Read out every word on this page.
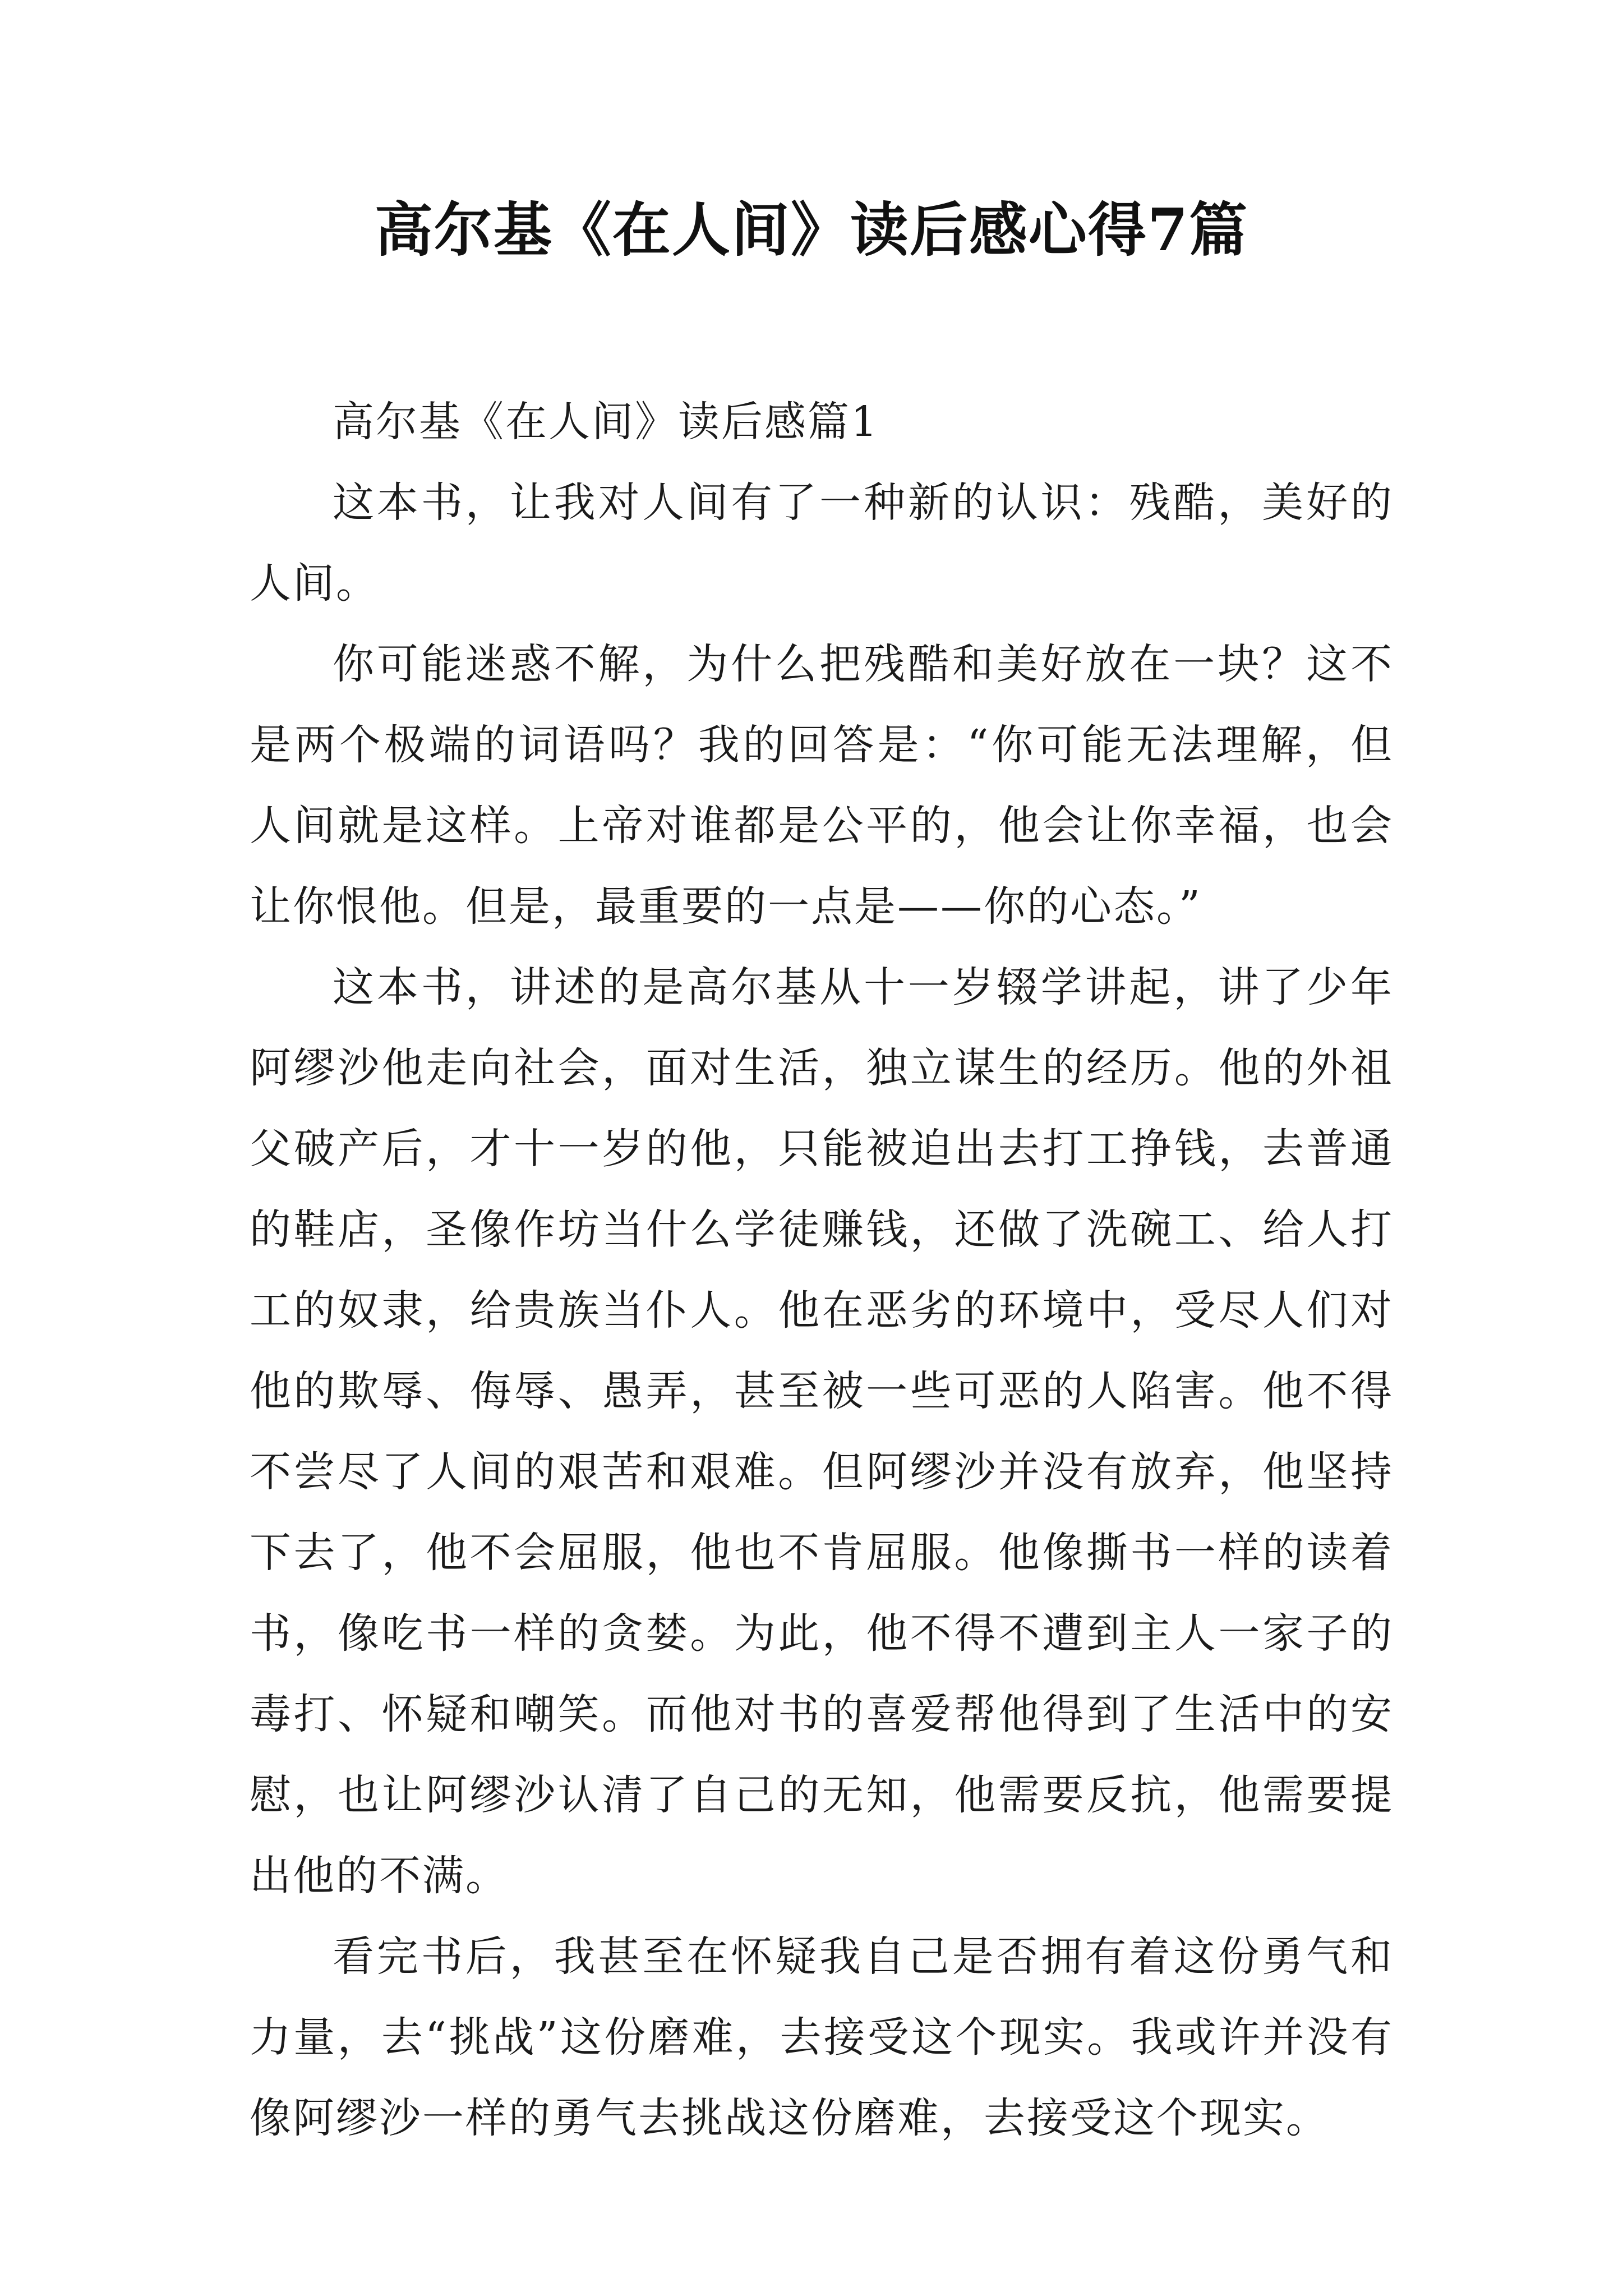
高尔基《在人间》读后感心得7篇

高尔基《在人间》读后感篇1

这本书，让我对人间有了一种新的认识：残酷，美好的人间。

你可能迷惑不解，为什么把残酷和美好放在一块？这不是两个极端的词语吗？我的回答是：“你可能无法理解，但人间就是这样。上帝对谁都是公平的，他会让你幸福，也会让你恨他。但是，最重要的一点是——你的心态。”

这本书，讲述的是高尔基从十一岁辍学讲起，讲了少年阿缪沙他走向社会，面对生活，独立谋生的经历。他的外祖父破产后，才十一岁的他，只能被迫出去打工挣钱，去普通的鞋店，圣像作坊当什么学徒赚钱，还做了洗碗工、给人打工的奴隶，给贵族当仆人。他在恶劣的环境中，受尽人们对他的欺辱、侮辱、愚弄，甚至被一些可恶的人陷害。他不得不尝尽了人间的艰苦和艰难。但阿缪沙并没有放弃，他坚持下去了，他不会屈服，他也不肯屈服。他像撕书一样的读着书，像吃书一样的贪婪。为此，他不得不遭到主人一家子的毒打、怀疑和嘲笑。而他对书的喜爱帮他得到了生活中的安慰，也让阿缪沙认清了自己的无知，他需要反抗，他需要提出他的不满。

看完书后，我甚至在怀疑我自己是否拥有着这份勇气和力量，去“挑战”这份磨难，去接受这个现实。我或许并没有像阿缪沙一样的勇气去挑战这份磨难，去接受这个现实。
